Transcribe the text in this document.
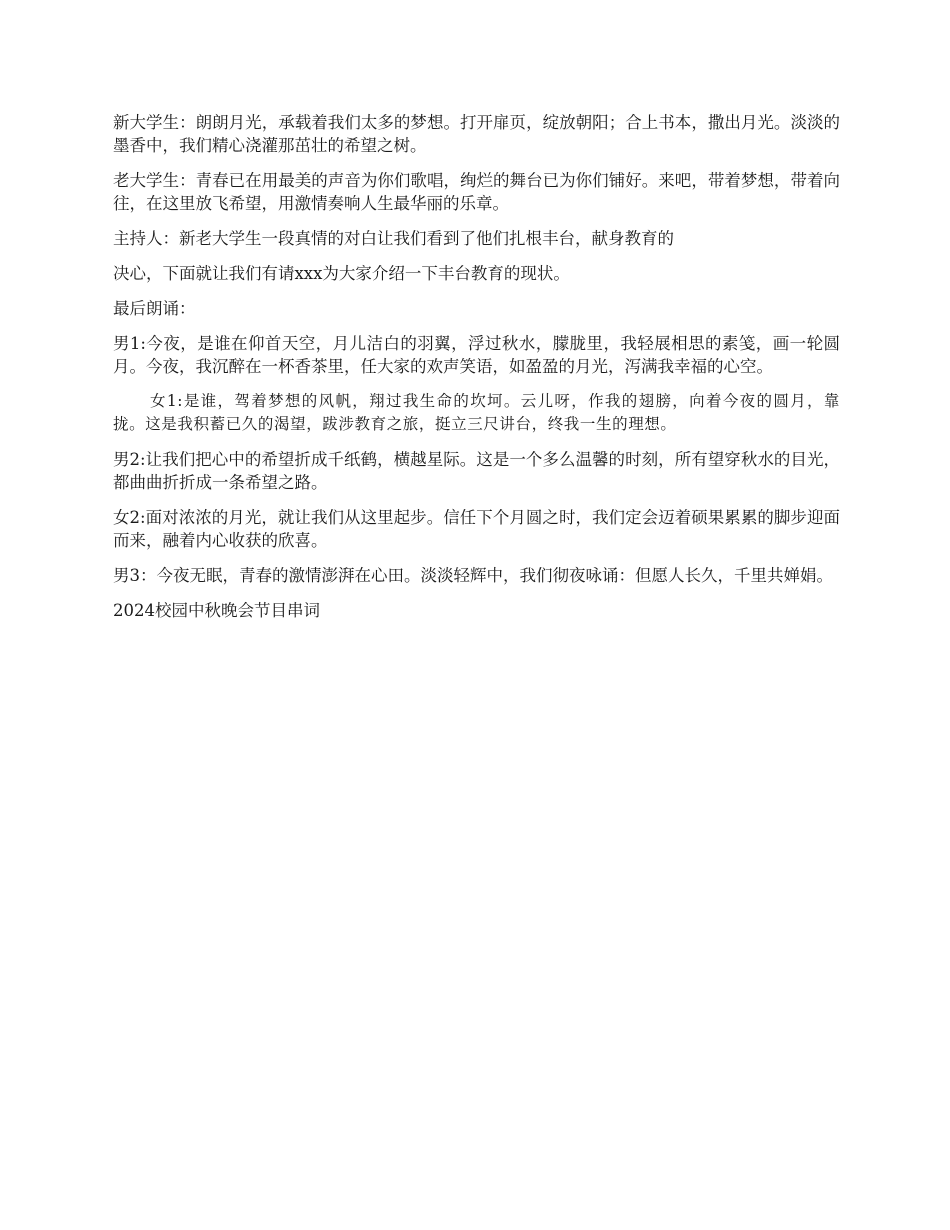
新大学生：朗朗月光，承载着我们太多的梦想。打开扉页，绽放朝阳；合上书本，撒出月光。淡淡的墨香中，我们精心浇灌那茁壮的希望之树。

老大学生：青春已在用最美的声音为你们歌唱，绚烂的舞台已为你们铺好。来吧，带着梦想，带着向往，在这里放飞希望，用激情奏响人生最华丽的乐章。

主持人：新老大学生一段真情的对白让我们看到了他们扎根丰台，献身教育的

决心，下面就让我们有请xxx为大家介绍一下丰台教育的现状。

最后朗诵：

男1:今夜，是谁在仰首天空，月儿洁白的羽翼，浮过秋水，朦胧里，我轻展相思的素笺，画一轮圆月。今夜，我沉醉在一杯香茶里，任大家的欢声笑语，如盈盈的月光，泻满我幸福的心空。

女1:是谁，驾着梦想的风帆，翔过我生命的坎坷。云儿呀，作我的翅膀，向着今夜的圆月，靠拢。这是我积蓄已久的渴望，跋涉教育之旅，挺立三尺讲台，终我一生的理想。

男2:让我们把心中的希望折成千纸鹤，横越星际。这是一个多么温馨的时刻，所有望穿秋水的目光，都曲曲折折成一条希望之路。

女2:面对浓浓的月光，就让我们从这里起步。信任下个月圆之时，我们定会迈着硕果累累的脚步迎面而来，融着内心收获的欣喜。

男3：今夜无眠，青春的激情澎湃在心田。淡淡轻辉中，我们彻夜咏诵：但愿人长久，千里共婵娟。

2024校园中秋晚会节目串词
